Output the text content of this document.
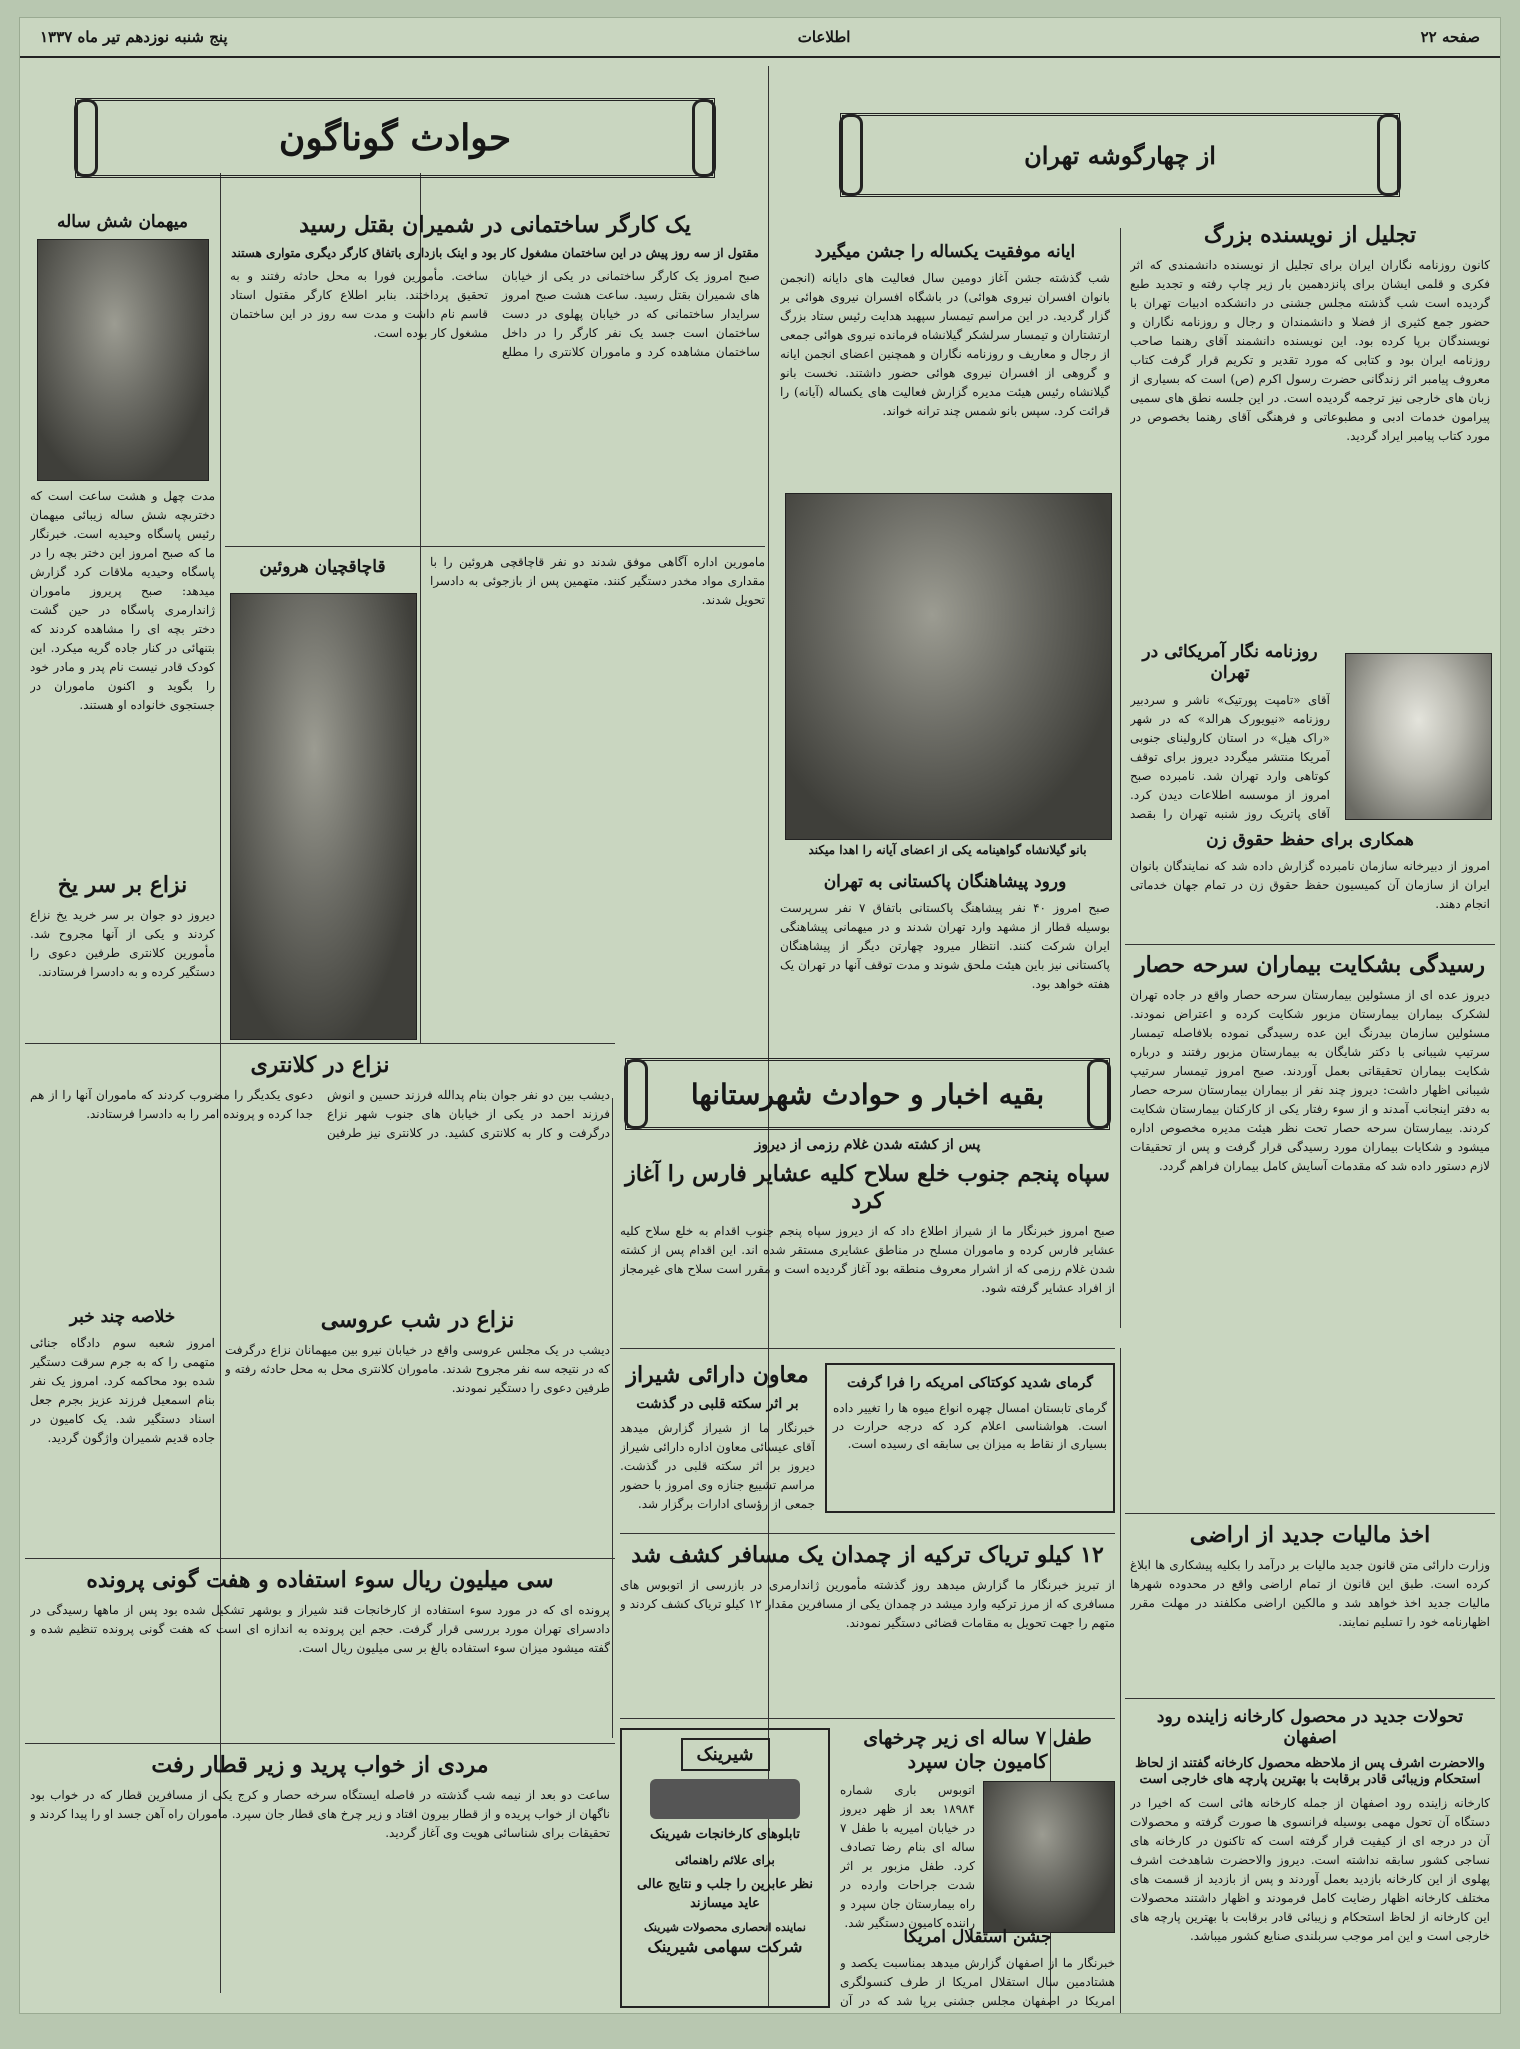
صفحه ۲۲
اطلاعات
پنج شنبه نوزدهم تیر ماه ۱۳۳۷
از چهارگوشه تهران
تجلیل از نویسنده بزرگ

کانون روزنامه نگاران ایران برای تجلیل از نویسنده دانشمندی که اثر فکری و قلمی ایشان برای پانزدهمین بار زیر چاپ رفته و تجدید طبع گردیده است شب گذشته مجلس جشنی در دانشکده ادبیات تهران با حضور جمع کثیری از فضلا و دانشمندان و رجال و روزنامه نگاران و نویسندگان برپا کرده بود. این نویسنده دانشمند آقای رهنما صاحب روزنامه ایران بود و کتابی که مورد تقدیر و تکریم قرار گرفت کتاب معروف پیامبر اثر زندگانی حضرت رسول اکرم (ص) است که بسیاری از زبان های خارجی نیز ترجمه گردیده است. در این جلسه نطق های سمیی پیرامون خدمات ادبی و مطبوعاتی و فرهنگی آقای رهنما بخصوص در مورد کتاب پیامبر ایراد گردید.

روزنامه نگار آمریکائی در تهران

آقای «تامپت پورتیک» ناشر و سردبیر روزنامه «نیویورک هرالد» که در شهر «راک هیل» در استان کارولینای جنوبی آمریکا منتشر میگردد دیروز برای توقف کوتاهی وارد تهران شد. نامبرده صبح امروز از موسسه اطلاعات دیدن کرد. آقای پاتریک روز شنبه تهران را بقصد

همکاری برای حفظ حقوق زن

امروز از دبیرخانه سازمان نامبرده گزارش داده شد که نمایندگان بانوان ایران از سازمان آن کمیسیون حفظ حقوق زن در تمام جهان خدماتی انجام دهند.

رسیدگی بشکایت بیماران سرحه حصار

دیروز عده ای از مسئولین بیمارستان سرحه حصار واقع در جاده تهران لشکرک بیماران بیمارستان مزبور شکایت کرده و اعتراض نمودند. مسئولین سازمان بیدرنگ این عده رسیدگی نموده بلافاصله تیمسار سرتیپ شیبانی با دکتر شایگان به بیمارستان مزبور رفتند و درباره شکایت بیماران تحقیقاتی بعمل آوردند. صبح امروز تیمسار سرتیپ شیبانی اظهار داشت: دیروز چند نفر از بیماران بیمارستان سرحه حصار به دفتر اینجانب آمدند و از سوء رفتار یکی از کارکنان بیمارستان شکایت کردند. بیمارستان سرحه حصار تحت نظر هیئت مدیره مخصوص اداره میشود و شکایات بیماران مورد رسیدگی قرار گرفت و پس از تحقیقات لازم دستور داده شد که مقدمات آسایش کامل بیماران فراهم گردد.

اخذ مالیات جدید از اراضی

وزارت دارائی متن قانون جدید مالیات بر درآمد را بکلیه پیشکاری ها ابلاغ کرده است. طبق این قانون از تمام اراضی واقع در محدوده شهرها مالیات جدید اخذ خواهد شد و مالکین اراضی مکلفند در مهلت مقرر اظهارنامه خود را تسلیم نمایند.

تحولات جدید در محصول کارخانه زاینده رود اصفهان
والاحضرت اشرف پس از ملاحظه محصول کارخانه گفتند از لحاظ استحکام وزیبائی قادر برقابت با بهترین پارچه های خارجی است

کارخانه زاینده رود اصفهان از جمله کارخانه هائی است که اخیرا در دستگاه آن تحول مهمی بوسیله فرانسوی ها صورت گرفته و محصولات آن در درجه ای از کیفیت قرار گرفته است که تاکنون در کارخانه های نساجی کشور سابقه نداشته است. دیروز والاحضرت شاهدخت اشرف پهلوی از این کارخانه بازدید بعمل آوردند و پس از بازدید از قسمت های مختلف کارخانه اظهار رضایت کامل فرمودند و اظهار داشتند محصولات این کارخانه از لحاظ استحکام و زیبائی قادر برقابت با بهترین پارچه های خارجی است و این امر موجب سربلندی صنایع کشور میباشد.

ایانه موفقیت یکساله را جشن میگیرد

شب گذشته جشن آغاز دومین سال فعالیت های دایانه (انجمن بانوان افسران نیروی هوائی) در باشگاه افسران نیروی هوائی بر گزار گردید. در این مراسم تیمسار سپهبد هدایت رئیس ستاد بزرگ ارتشتاران و تیمسار سرلشکر گیلانشاه فرمانده نیروی هوائی جمعی از رجال و معاریف و روزنامه نگاران و همچنین اعضای انجمن ایانه و گروهی از افسران نیروی هوائی حضور داشتند. نخست بانو گیلانشاه رئیس هیئت مدیره گزارش فعالیت های یکساله (آیانه) را قرائت کرد. سپس بانو شمس چند ترانه خواند.

بانو گیلانشاه گواهینامه یکی از اعضای آیانه را اهدا میکند
ورود پیشاهنگان پاکستانی به تهران

صبح امروز ۴۰ نفر پیشاهنگ پاکستانی باتفاق ۷ نفر سرپرست بوسیله قطار از مشهد وارد تهران شدند و در میهمانی پیشاهنگی ایران شرکت کنند. انتظار میرود چهارتن دیگر از پیشاهنگان پاکستانی نیز باین هیئت ملحق شوند و مدت توقف آنها در تهران یک هفته خواهد بود.

بقیه اخبار و حوادث شهرستانها
پس از کشته شدن غلام رزمی از دیروز
سپاه پنجم جنوب خلع سلاح کلیه عشایر فارس را آغاز کرد

صبح امروز خبرنگار ما از شیراز اطلاع داد که از دیروز سپاه پنجم جنوب اقدام به خلع سلاح کلیه عشایر فارس کرده و ماموران مسلح در مناطق عشایری مستقر شده اند. این اقدام پس از کشته شدن غلام رزمی که از اشرار معروف منطقه بود آغاز گردیده است و مقرر است سلاح های غیرمجاز از افراد عشایر گرفته شود.

گرمای شدید کوکتاکی امریکه را فرا گرفت
گرمای تابستان امسال چهره انواع میوه ها را تغییر داده است. هواشناسی اعلام کرد که درجه حرارت در بسیاری از نقاط به میزان بی سابقه ای رسیده است.
معاون دارائی شیراز
بر اثر سکته قلبی در گذشت

خبرنگار ما از شیراز گزارش میدهد آقای عیسائی معاون اداره دارائی شیراز دیروز بر اثر سکته قلبی در گذشت. مراسم تشییع جنازه وی امروز با حضور جمعی از رؤسای ادارات برگزار شد.

۱۲ کیلو تریاک ترکیه از چمدان یک مسافر کشف شد

از تبریز خبرنگار ما گزارش میدهد روز گذشته مأمورین ژاندارمری در بازرسی از اتوبوس های مسافری که از مرز ترکیه وارد میشد در چمدان یکی از مسافرین مقدار ۱۲ کیلو تریاک کشف کردند و متهم را جهت تحویل به مقامات قضائی دستگیر نمودند.

شیرینک
تابلوهای کارخانجات شیرینک
برای علائم راهنمائی
نظر عابرین را جلب و نتایج عالی عاید میسازند
نماینده انحصاری محصولات شیرینک
شرکت سهامی شیرینک
طفل ۷ ساله ای زیر چرخهای کامیون جان سپرد

اتوبوس باری شماره ۱۸۹۸۴ بعد از ظهر دیروز در خیابان امیریه با طفل ۷ ساله ای بنام رضا تصادف کرد. طفل مزبور بر اثر شدت جراحات وارده در راه بیمارستان جان سپرد و راننده کامیون دستگیر شد.

جشن استقلال امریکا

خبرنگار ما از اصفهان گزارش میدهد بمناسبت یکصد و هشتادمین سال استقلال امریکا از طرف کنسولگری امریکا در اصفهان مجلس جشنی برپا شد که در آن

حوادث گوناگون
یک کارگر ساختمانی در شمیران بقتل رسید
مقتول از سه روز پیش در این ساختمان مشغول کار بود و اینک بازداری باتفاق کارگر دیگری متواری هستند

صبح امروز یک کارگر ساختمانی در یکی از خیابان های شمیران بقتل رسید. ساعت هشت صبح امروز سرایدار ساختمانی که در خیابان پهلوی در دست ساختمان است جسد یک نفر کارگر را در داخل ساختمان مشاهده کرد و ماموران کلانتری را مطلع ساخت. مأمورین فورا به محل حادثه رفتند و به تحقیق پرداختند. بنابر اطلاع کارگر مقتول استاد قاسم نام داشت و مدت سه روز در این ساختمان مشغول کار بوده است.

میهمان شش ساله

مدت چهل و هشت ساعت است که دختربچه شش ساله زیبائی میهمان رئیس پاسگاه وحیدیه است. خبرنگار ما که صبح امروز این دختر بچه را در پاسگاه وحیدیه ملاقات کرد گزارش میدهد: صبح پریروز ماموران ژاندارمری پاسگاه در حین گشت دختر بچه ای را مشاهده کردند که بتنهائی در کنار جاده گریه میکرد. این کودک قادر نیست نام پدر و مادر خود را بگوید و اکنون ماموران در جستجوی خانواده او هستند.

قاچاقچیان هروئین	مامورین اداره آگاهی موفق شدند دو نفر قاچاقچی هروئین را با مقداری مواد مخدر دستگیر کنند. متهمین پس از بازجوئی به دادسرا تحویل شدند.

نزاع بر سر یخ

دیروز دو جوان بر سر خرید یخ نزاع کردند و یکی از آنها مجروح شد. مأمورین کلانتری طرفین دعوی را دستگیر کرده و به دادسرا فرستادند.

نزاع در کلانتری

دیشب بین دو نفر جوان بنام پدالله فرزند حسین و انوش فرزند احمد در یکی از خیابان های جنوب شهر نزاع درگرفت و کار به کلانتری کشید. در کلانتری نیز طرفین دعوی یکدیگر را مضروب کردند که ماموران آنها را از هم جدا کرده و پرونده امر را به دادسرا فرستادند.

خلاصه چند خبر

امروز شعبه سوم دادگاه جنائی متهمی را که به جرم سرقت دستگیر شده بود محاکمه کرد. امروز یک نفر بنام اسمعیل فرزند عزیز بجرم جعل اسناد دستگیر شد. یک کامیون در جاده قدیم شمیران واژگون گردید.

نزاع در شب عروسی

دیشب در یک مجلس عروسی واقع در خیابان نیرو بین میهمانان نزاع درگرفت که در نتیجه سه نفر مجروح شدند. ماموران کلانتری محل به محل حادثه رفته و طرفین دعوی را دستگیر نمودند.

سی میلیون ریال سوء استفاده و هفت گونی پرونده

پرونده ای که در مورد سوء استفاده از کارخانجات قند شیراز و بوشهر تشکیل شده بود پس از ماهها رسیدگی در دادسرای تهران مورد بررسی قرار گرفت. حجم این پرونده به اندازه ای است که هفت گونی پرونده تنظیم شده و گفته میشود میزان سوء استفاده بالغ بر سی میلیون ریال است.

مردی از خواب پرید و زیر قطار رفت

ساعت دو بعد از نیمه شب گذشته در فاصله ایستگاه سرخه حصار و کرج یکی از مسافرین قطار که در خواب بود ناگهان از خواب پریده و از قطار بیرون افتاد و زیر چرخ های قطار جان سپرد. ماموران راه آهن جسد او را پیدا کردند و تحقیقات برای شناسائی هویت وی آغاز گردید.
